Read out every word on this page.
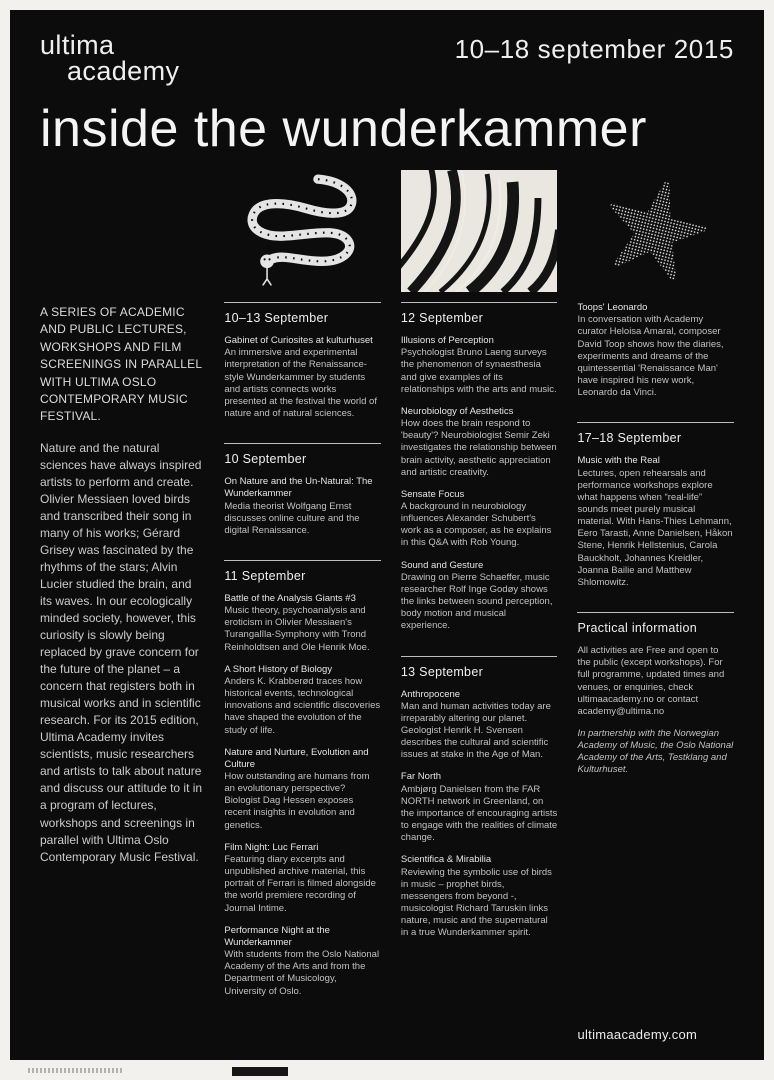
ultima
academy
10–18 september 2015
inside the wunderkammer

A SERIES OF ACADEMIC AND PUBLIC LECTURES, WORKSHOPS AND FILM SCREENINGS IN PARALLEL WITH ULTIMA OSLO CONTEMPORARY MUSIC FESTIVAL.

Nature and the natural sciences have always inspired artists to perform and create. Olivier Messiaen loved birds and transcribed their song in many of his works; Gérard Grisey was fascinated by the rhythms of the stars; Alvin Lucier studied the brain, and its waves. In our ecologically minded society, however, this curiosity is slowly being replaced by grave concern for the future of the planet – a concern that registers both in musical works and in scientific research. For its 2015 edition, Ultima Academy invites scientists, music researchers and artists to talk about nature and discuss our attitude to it in a program of lectures, workshops and screenings in parallel with Ultima Oslo Contemporary Music Festival.

10–13 September
Gabinet of Curiosites at kulturhuset
An immersive and experimental interpretation of the Renaissance-style Wunderkammer by students and artists connects works presented at the festival the world of nature and of natural sciences.
10 September
On Nature and the Un-Natural: The Wunderkammer
Media theorist Wolfgang Ernst discusses online culture and the digital Renaissance.
11 September
Battle of the Analysis Giants #3
Music theory, psychoanalysis and eroticism in Olivier Messiaen's Turangalîla-Symphony with Trond Reinholdtsen and Ole Henrik Moe.
A Short History of Biology
Anders K. Krabberød traces how historical events, technological innovations and scientific discoveries have shaped the evolution of the study of life.
Nature and Nurture, Evolution and Culture
How outstanding are humans from an evolutionary perspective? Biologist Dag Hessen exposes recent insights in evolution and genetics.
Film Night: Luc Ferrari
Featuring diary excerpts and unpublished archive material, this portrait of Ferrari is filmed alongside the world premiere recording of Journal Intime.
Performance Night at the Wunderkammer
With students from the Oslo National Academy of the Arts and from the Department of Musicology, University of Oslo.
12 September
Illusions of Perception
Psychologist Bruno Laeng surveys the phenomenon of synaesthesia and give examples of its relationships with the arts and music.
Neurobiology of Aesthetics
How does the brain respond to 'beauty'? Neurobiologist Semir Zeki investigates the relationship between brain activity, aesthetic appreciation and artistic creativity.
Sensate Focus
A background in neurobiology influences Alexander Schubert's work as a composer, as he explains in this Q&A with Rob Young.
Sound and Gesture
Drawing on Pierre Schaeffer, music researcher Rolf Inge Godøy shows the links between sound perception, body motion and musical experience.
13 September
Anthropocene
Man and human activities today are irreparably altering our planet. Geologist Henrik H. Svensen describes the cultural and scientific issues at stake in the Age of Man.
Far North
Ambjørg Danielsen from the FAR NORTH network in Greenland, on the importance of encouraging artists to engage with the realities of climate change.
Scientifica & Mirabilia
Reviewing the symbolic use of birds in music – prophet birds, messengers from beyond -, musicologist Richard Taruskin links nature, music and the supernatural in a true Wunderkammer spirit.
Toops' Leonardo
In conversation with Academy curator Heloisa Amaral, composer David Toop shows how the diaries, experiments and dreams of the quintessential 'Renaissance Man' have inspired his new work, Leonardo da Vinci.
17–18 September
Music with the Real
Lectures, open rehearsals and performance workshops explore what happens when “real-life” sounds meet purely musical material. With Hans-Thies Lehmann, Eero Tarasti, Anne Danielsen, Håkon Stene, Henrik Hellstenius, Carola Bauckholt, Johannes Kreidler, Joanna Bailie and Matthew Shlomowitz.
Practical information
All activities are Free and open to the public (except workshops). For full programme, updated times and venues, or enquiries, check ultimaacademy.no or contact academy@ultima.no
In partnership with the Norwegian Academy of Music, the Oslo National Academy of the Arts, Testklang and Kulturhuset.
ultimaacademy.com
